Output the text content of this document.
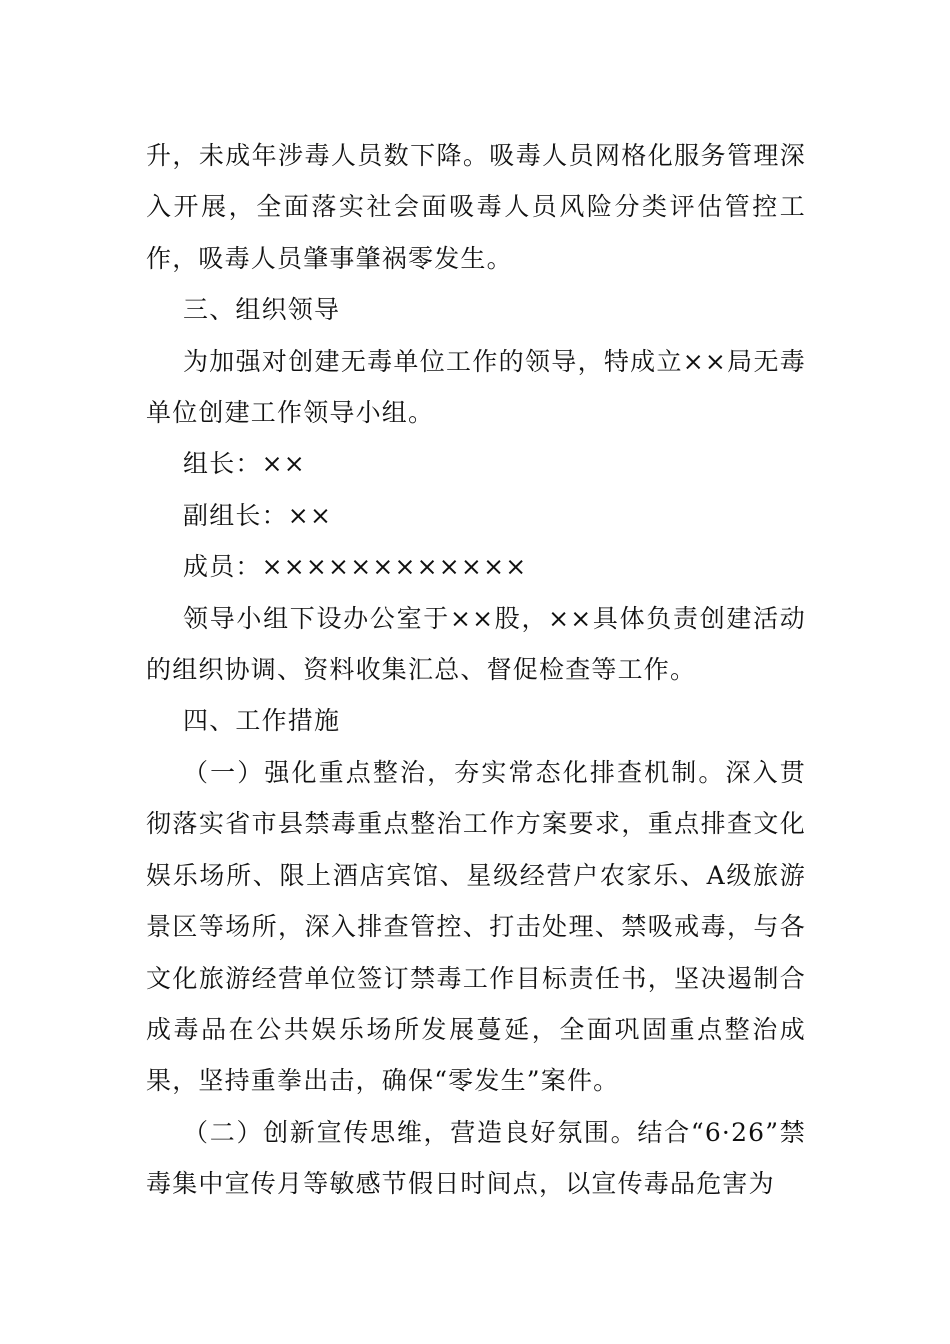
升，未成年涉毒人员数下降。吸毒人员网格化服务管理深入开展，全面落实社会面吸毒人员风险分类评估管控工作，吸毒人员肇事肇祸零发生。

三、组织领导

为加强对创建无毒单位工作的领导，特成立××局无毒单位创建工作领导小组。

组长：××

副组长：××

成员：××××××××××××

领导小组下设办公室于××股，××具体负责创建活动的组织协调、资料收集汇总、督促检查等工作。

四、工作措施

（一）强化重点整治，夯实常态化排查机制。深入贯彻落实省市县禁毒重点整治工作方案要求，重点排查文化娱乐场所、限上酒店宾馆、星级经营户农家乐、A级旅游景区等场所，深入排查管控、打击处理、禁吸戒毒，与各文化旅游经营单位签订禁毒工作目标责任书，坚决遏制合成毒品在公共娱乐场所发展蔓延，全面巩固重点整治成果，坚持重拳出击，确保“零发生”案件。

（二）创新宣传思维，营造良好氛围。结合“6·26”禁毒集中宣传月等敏感节假日时间点，以宣传毒品危害为
